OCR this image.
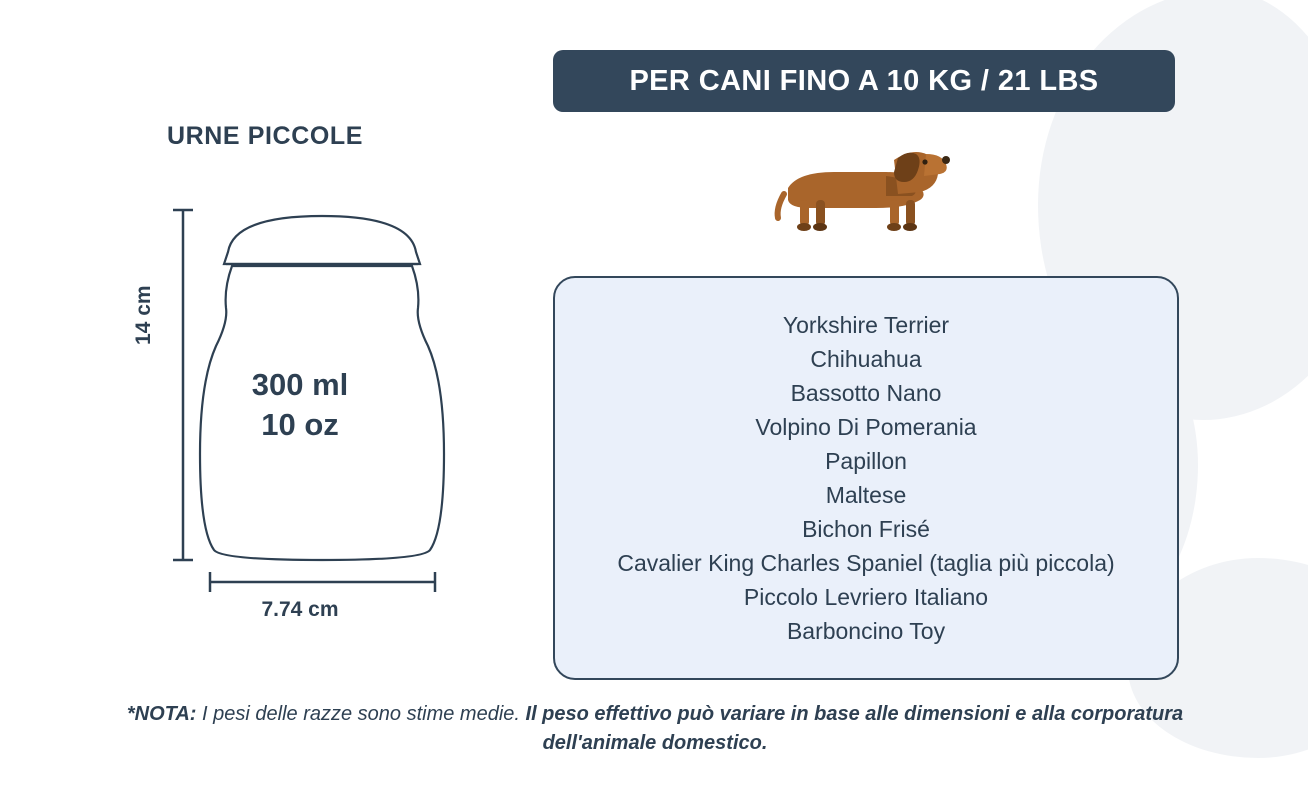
URNE PICCOLE
300 ml
10 oz
14 cm
7.74 cm
PER CANI FINO A 10 KG / 21 LBS
Yorkshire Terrier
Chihuahua
Bassotto Nano
Volpino Di Pomerania
Papillon
Maltese
Bichon Frisé
Cavalier King Charles Spaniel (taglia più piccola)
Piccolo Levriero Italiano
Barboncino Toy
*NOTA: I pesi delle razze sono stime medie. Il peso effettivo può variare in base alle dimensioni e alla corporatura dell'animale domestico.
